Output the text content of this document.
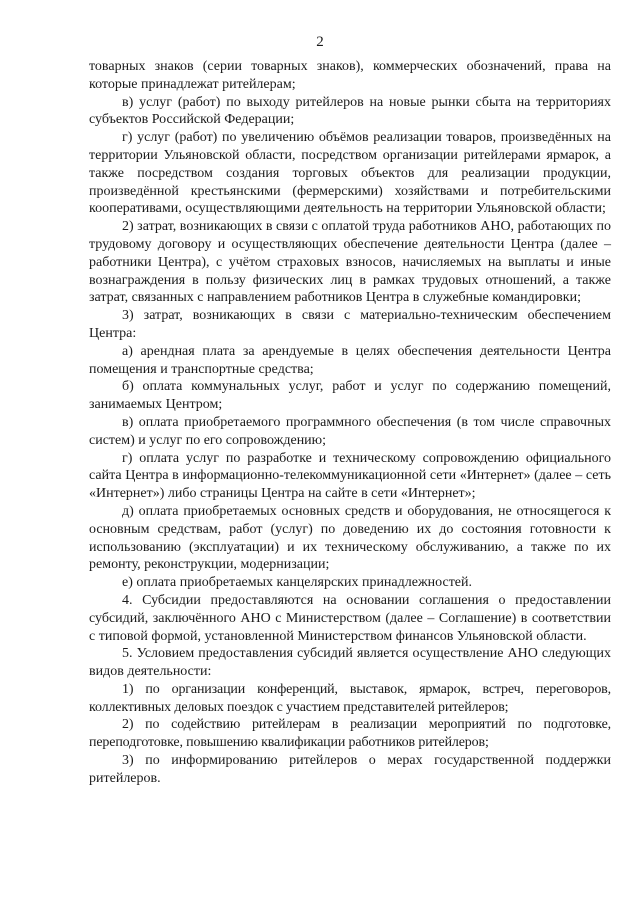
2

товарных знаков (серии товарных знаков), коммерческих обозначений, права на которые принадлежат ритейлерам;

в) услуг (работ) по выходу ритейлеров на новые рынки сбыта на территориях субъектов Российской Федерации;

г) услуг (работ) по увеличению объёмов реализации товаров, произведённых на территории Ульяновской области, посредством организации ритейлерами ярмарок, а также посредством создания торговых объектов для реализации продукции, произведённой крестьянскими (фермерскими) хозяйствами и потребительскими кооперативами, осуществляющими деятельность на территории Ульяновской области;

2) затрат, возникающих в связи с оплатой труда работников АНО, работающих по трудовому договору и осуществляющих обеспечение деятельности Центра (далее – работники Центра), с учётом страховых взносов, начисляемых на выплаты и иные вознаграждения в пользу физических лиц в рамках трудовых отношений, а также затрат, связанных с направлением работников Центра в служебные командировки;

3) затрат, возникающих в связи с материально-техническим обеспечением Центра:

а) арендная плата за арендуемые в целях обеспечения деятельности Центра помещения и транспортные средства;

б) оплата коммунальных услуг, работ и услуг по содержанию помещений, занимаемых Центром;

в) оплата приобретаемого программного обеспечения (в том числе справочных систем) и услуг по его сопровождению;

г) оплата услуг по разработке и техническому сопровождению официального сайта Центра в информационно-телекоммуникационной сети «Интернет» (далее – сеть «Интернет») либо страницы Центра на сайте в сети «Интернет»;

д) оплата приобретаемых основных средств и оборудования, не относящегося к основным средствам, работ (услуг) по доведению их до состояния готовности к использованию (эксплуатации) и их техническому обслуживанию, а также по их ремонту, реконструкции, модернизации;

е) оплата приобретаемых канцелярских принадлежностей.

4. Субсидии предоставляются на основании соглашения о предоставлении субсидий, заключённого АНО с Министерством (далее – Соглашение) в соответствии с типовой формой, установленной Министерством финансов Ульяновской области.

5. Условием предоставления субсидий является осуществление АНО следующих видов деятельности:

1) по организации конференций, выставок, ярмарок, встреч, переговоров, коллективных деловых поездок с участием представителей ритейлеров;

2) по содействию ритейлерам в реализации мероприятий по подготовке, переподготовке, повышению квалификации работников ритейлеров;

3) по информированию ритейлеров о мерах государственной поддержки ритейлеров.
